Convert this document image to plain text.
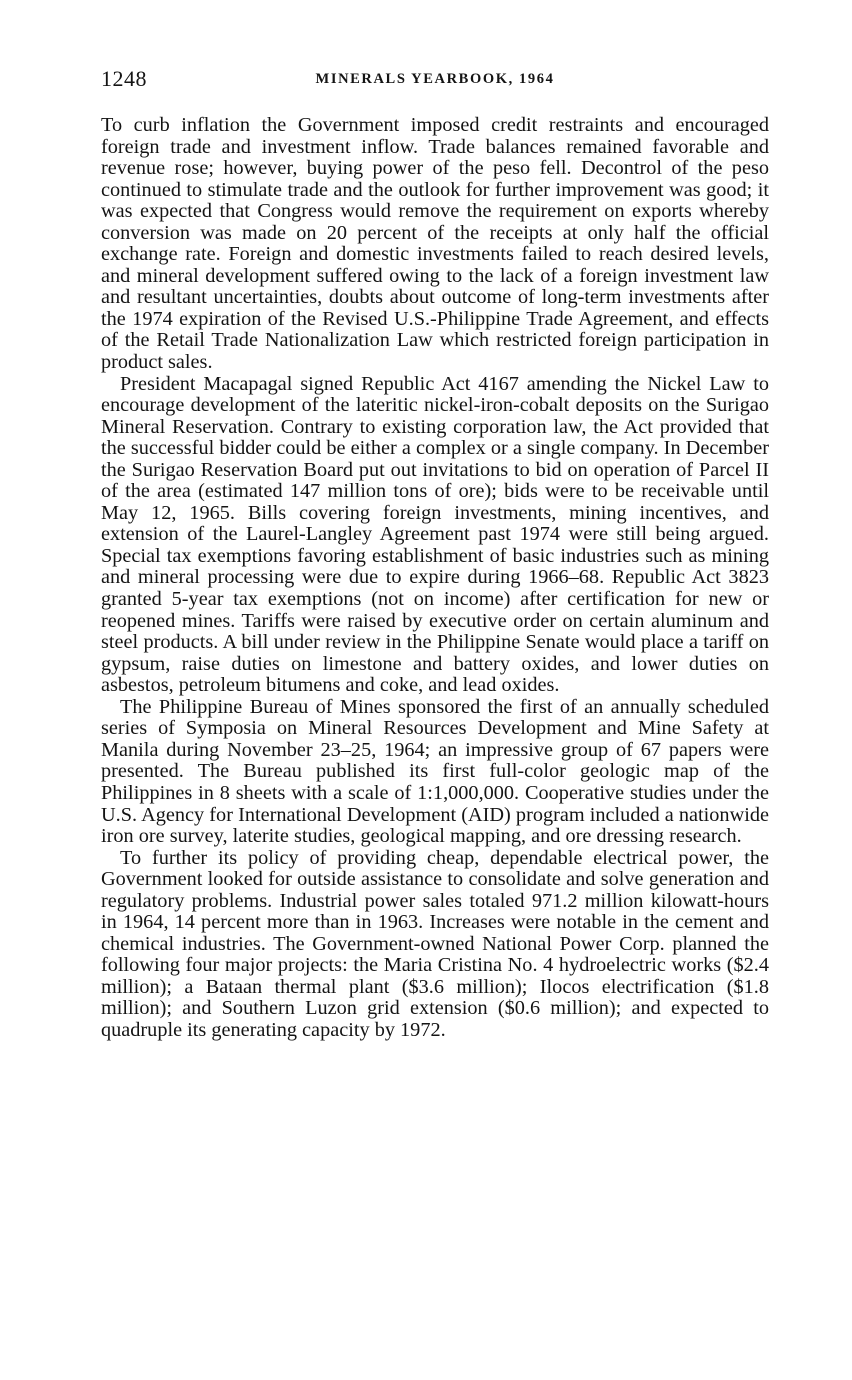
1248	MINERALS YEARBOOK, 1964

To curb inflation the Government imposed credit restraints and encouraged foreign trade and investment inflow. Trade balances remained favorable and revenue rose; however, buying power of the peso fell. Decontrol of the peso continued to stimulate trade and the outlook for further improvement was good; it was expected that Congress would remove the requirement on exports whereby conversion was made on 20 percent of the receipts at only half the official exchange rate. Foreign and domestic investments failed to reach desired levels, and mineral development suffered owing to the lack of a foreign investment law and resultant uncertainties, doubts about outcome of long-term investments after the 1974 expiration of the Revised U.S.-Philippine Trade Agreement, and effects of the Retail Trade Nationalization Law which restricted foreign participation in product sales.

President Macapagal signed Republic Act 4167 amending the Nickel Law to encourage development of the lateritic nickel-iron-cobalt deposits on the Surigao Mineral Reservation. Contrary to existing corporation law, the Act provided that the successful bidder could be either a complex or a single company. In December the Surigao Reservation Board put out invitations to bid on operation of Parcel II of the area (estimated 147 million tons of ore); bids were to be receivable until May 12, 1965. Bills covering foreign investments, mining incentives, and extension of the Laurel-Langley Agreement past 1974 were still being argued. Special tax exemptions favoring establishment of basic industries such as mining and mineral processing were due to expire during 1966–68. Republic Act 3823 granted 5-year tax exemptions (not on income) after certification for new or reopened mines. Tariffs were raised by executive order on certain aluminum and steel products. A bill under review in the Philippine Senate would place a tariff on gypsum, raise duties on limestone and battery oxides, and lower duties on asbestos, petroleum bitumens and coke, and lead oxides.

The Philippine Bureau of Mines sponsored the first of an annually scheduled series of Symposia on Mineral Resources Development and Mine Safety at Manila during November 23–25, 1964; an impressive group of 67 papers were presented. The Bureau published its first full-color geologic map of the Philippines in 8 sheets with a scale of 1:1,000,000. Cooperative studies under the U.S. Agency for International Development (AID) program included a nationwide iron ore survey, laterite studies, geological mapping, and ore dressing research.

To further its policy of providing cheap, dependable electrical power, the Government looked for outside assistance to consolidate and solve generation and regulatory problems. Industrial power sales totaled 971.2 million kilowatt-hours in 1964, 14 percent more than in 1963. Increases were notable in the cement and chemical industries. The Government-owned National Power Corp. planned the following four major projects: the Maria Cristina No. 4 hydroelectric works ($2.4 million); a Bataan thermal plant ($3.6 million); Ilocos electrification ($1.8 million); and Southern Luzon grid extension ($0.6 million); and expected to quadruple its generating capacity by 1972.
